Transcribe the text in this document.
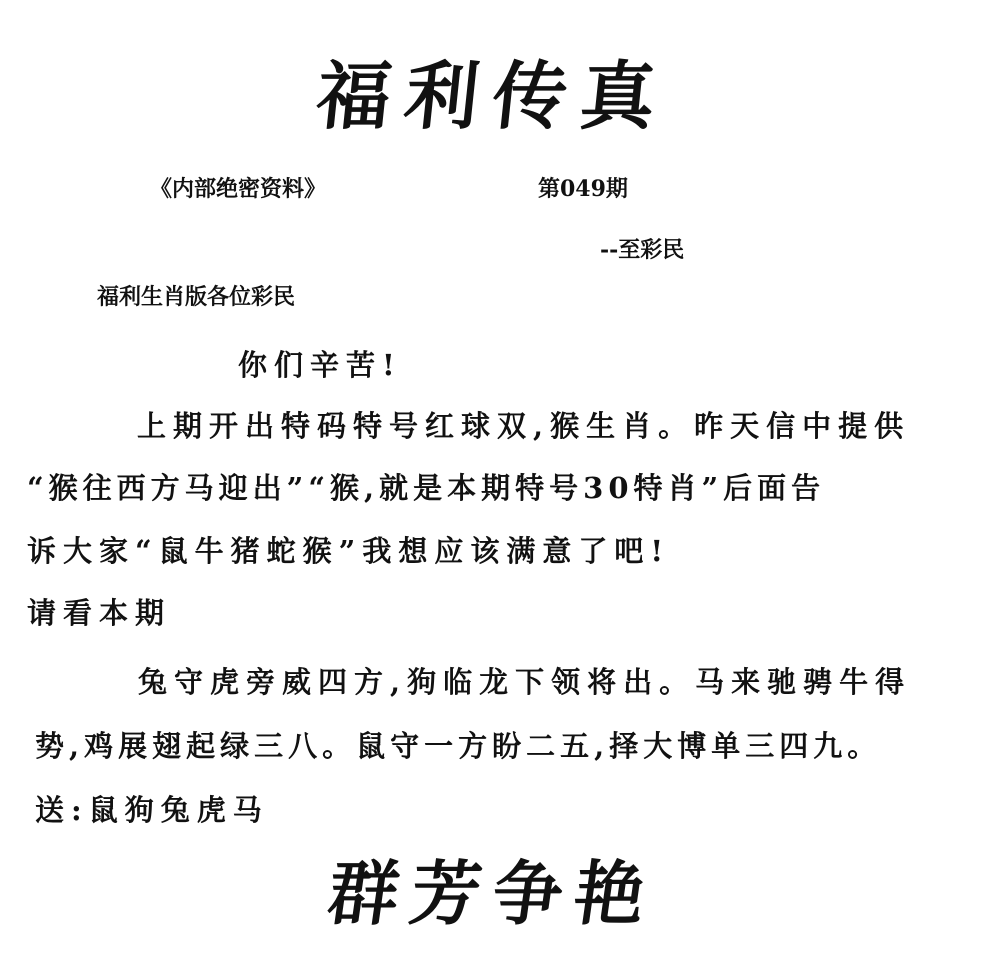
福利传真
《内部绝密资料》	第049期
--至彩民
福利生肖版各位彩民
你们辛苦!
上期开出特码特号红球双,猴生肖。昨天信中提供
“猴往西方马迎出”“猴,就是本期特号30特肖”后面告
诉大家“鼠牛猪蛇猴”我想应该满意了吧!
请看本期
兔守虎旁威四方,狗临龙下领将出。马来驰骋牛得
势,鸡展翅起绿三八。鼠守一方盼二五,择大博单三四九。
送:鼠狗兔虎马
群芳争艳
